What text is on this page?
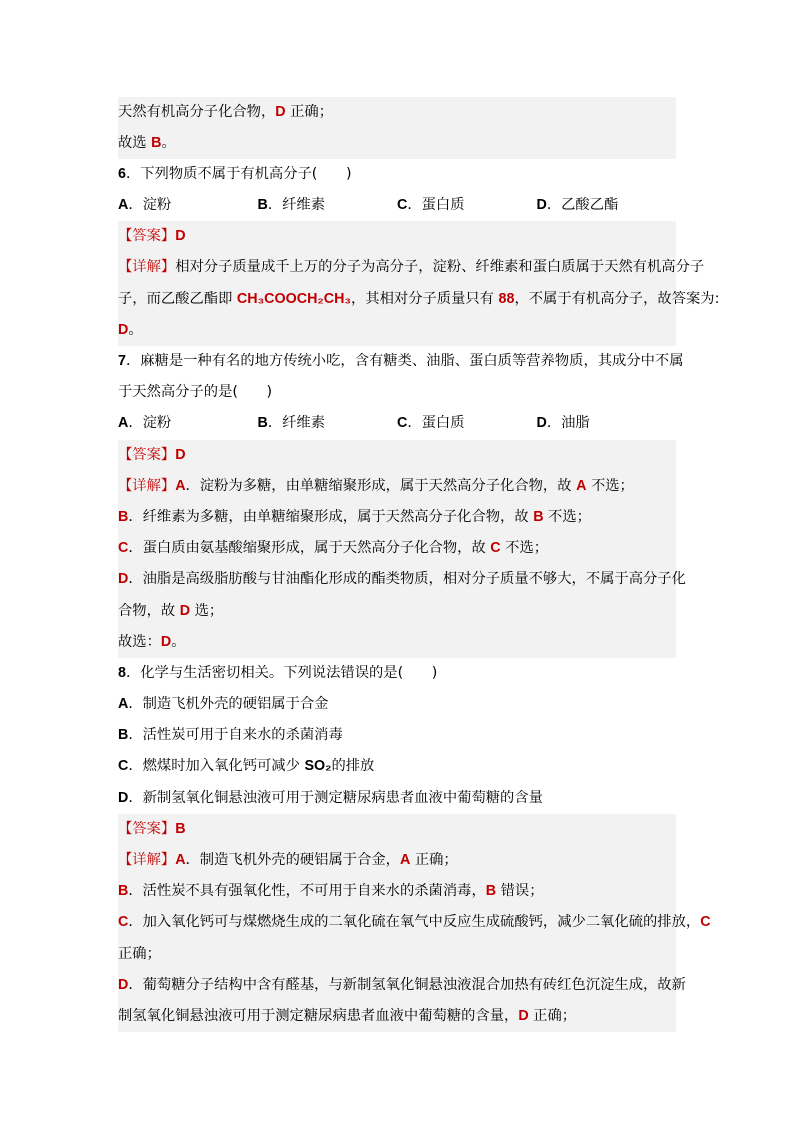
天然有机高分子化合物，D 正确；
故选 B。
6．下列物质不属于有机高分子(　　)
A．淀粉	B．纤维素	C．蛋白质	D．乙酸乙酯
【答案】D
【详解】相对分子质量成千上万的分子为高分子，淀粉、纤维素和蛋白质属于天然有机高分子
子，而乙酸乙酯即 CH₃COOCH₂CH₃，其相对分子质量只有 88，不属于有机高分子，故答案为:
D。
7．麻糖是一种有名的地方传统小吃，含有糖类、油脂、蛋白质等营养物质，其成分中不属
于天然高分子的是(　　)
A．淀粉	B．纤维素	C．蛋白质	D．油脂
【答案】D
【详解】A．淀粉为多糖，由单糖缩聚形成，属于天然高分子化合物，故 A 不选；
B．纤维素为多糖，由单糖缩聚形成，属于天然高分子化合物，故 B 不选；
C．蛋白质由氨基酸缩聚形成，属于天然高分子化合物，故 C 不选；
D．油脂是高级脂肪酸与甘油酯化形成的酯类物质，相对分子质量不够大，不属于高分子化
合物，故 D 选；
故选：D。
8．化学与生活密切相关。下列说法错误的是(　　)
A．制造飞机外壳的硬铝属于合金
B．活性炭可用于自来水的杀菌消毒
C．燃煤时加入氧化钙可减少 SO₂的排放
D．新制氢氧化铜悬浊液可用于测定糖尿病患者血液中葡萄糖的含量
【答案】B
【详解】A．制造飞机外壳的硬铝属于合金，A 正确；
B．活性炭不具有强氧化性，不可用于自来水的杀菌消毒，B 错误；
C．加入氧化钙可与煤燃烧生成的二氧化硫在氧气中反应生成硫酸钙，减少二氧化硫的排放，C
正确；
D．葡萄糖分子结构中含有醛基，与新制氢氧化铜悬浊液混合加热有砖红色沉淀生成，故新
制氢氧化铜悬浊液可用于测定糖尿病患者血液中葡萄糖的含量，D 正确；
